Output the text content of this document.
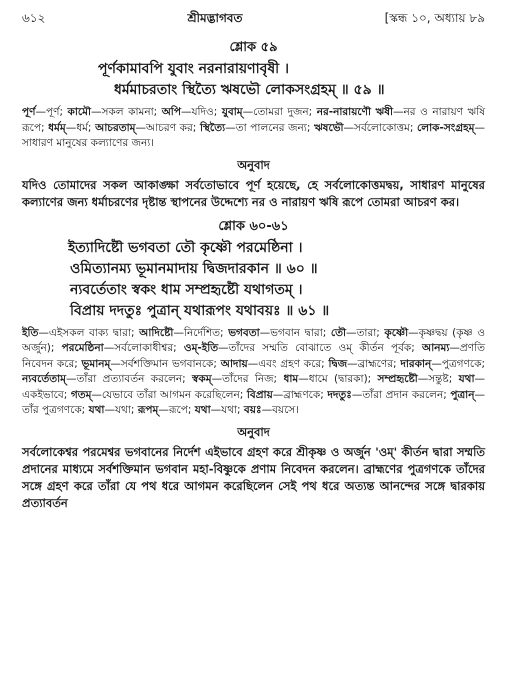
৬১২	শ্রীমদ্ভাগবত	[স্কন্ধ ১০, অধ্যায় ৮৯
শ্লোক ৫৯
পূর্ণকামাবপি যুবাং নরনারায়ণাবৃষী ।
ধর্মমাচরতাং স্থিত্যৈ ঋষভৌ লোকসংগ্রহম্ ॥ ৫৯ ॥
পূর্ণ—পূর্ণ; কামৌ—সকল কামনা; অপি—যদিও; যুবাম্—তোমরা দুজন; নর-নারায়ণৌ ঋষী—নর ও নারায়ণ ঋষি রূপে; ধর্মম্—ধর্ম; আচরতাম্—আচরণ কর; স্থিত্যৈ—তা পালনের জন্য; ঋষভৌ—সর্বলোকোত্তম; লোক-সংগ্রহম্—সাধারণ মানুষের কল্যাণের জন্য।
অনুবাদ
যদিও তোমাদের সকল আকাঙ্ক্ষা সর্বতোভাবে পূর্ণ হয়েছে, হে সর্বলোকোত্তমদ্বয়, সাধারণ মানুষের কল্যাণের জন্য ধর্মাচরণের দৃষ্টান্ত স্থাপনের উদ্দেশ্যে নর ও নারায়ণ ঋষি রূপে তোমরা আচরণ কর।
শ্লোক ৬০-৬১
ইত্যাদিষ্টৌ ভগবতা তৌ কৃষ্ণৌ পরমেষ্ঠিনা ।
ওমিত্যানম্য ভূমানমাদায় দ্বিজদারকান ॥ ৬০ ॥
ন্যবর্তেতাং স্বকং ধাম সম্প্রহৃষ্টৌ যথাগতম্ ।
বিপ্রায় দদতুঃ পুত্রান্ যথারূপং যথাবয়ঃ ॥ ৬১ ॥
ইতি—এইসকল বাক্য দ্বারা; আদিষ্টৌ—নির্দেশিত; ভগবতা—ভগবান দ্বারা; তৌ—তারা; কৃষ্ণৌ—কৃষ্ণদ্বয় (কৃষ্ণ ও অর্জুন); পরমেষ্ঠিনা—সর্বলোকাধীশ্বর; ওম্-ইতি—তাঁদের সম্মতি বোঝাতে ওম্ কীর্তন পূর্বক; আনম্য—প্রণতি নিবেদন করে; ভূমানম্—সর্বশক্তিমান ভগবানকে; আদায়—এবং গ্রহণ করে; দ্বিজ—ব্রাহ্মণের; দারকান্—পুত্রগণকে; ন্যবর্তেতাম্—তাঁরা প্রত্যাবর্তন করলেন; স্বকম্—তাঁদের নিজ; ধাম—ধামে (দ্বারকা); সম্প্রহৃষ্টৌ—সন্তুষ্ট; যথা—একইভাবে; গতম্—যেভাবে তাঁরা আগমন করেছিলেন; বিপ্রায়—ব্রাহ্মণকে; দদতুঃ—তাঁরা প্রদান করলেন; পুত্রান্—তাঁর পুত্রগণকে; যথা—যথা; রূপম্—রূপে; যথা—যথা; বয়ঃ—বয়সে।
অনুবাদ
সর্বলোকেশ্বর পরমেশ্বর ভগবানের নির্দেশ এইভাবে গ্রহণ করে শ্রীকৃষ্ণ ও অর্জুন 'ওম্' কীর্তন দ্বারা সম্মতি প্রদানের মাধ্যমে সর্বশক্তিমান ভগবান মহা-বিষ্ণুকে প্রণাম নিবেদন করলেন। ব্রাহ্মণের পুত্রগণকে তাঁদের সঙ্গে গ্রহণ করে তাঁরা যে পথ ধরে আগমন করেছিলেন সেই পথ ধরে অত্যন্ত আনন্দের সঙ্গে দ্বারকায় প্রত্যাবর্তন
